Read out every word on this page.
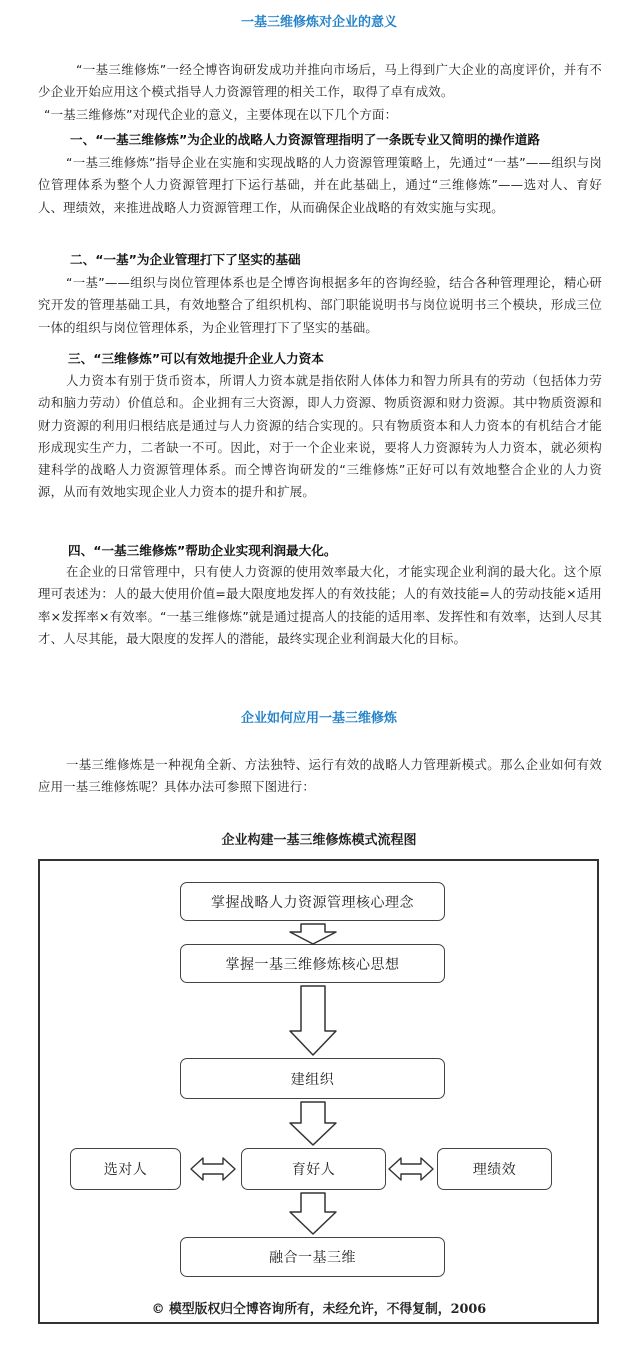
一基三维修炼对企业的意义
“一基三维修炼”一经仝博咨询研发成功并推向市场后，马上得到广大企业的高度评价，并有不少企业开始应用这个模式指导人力资源管理的相关工作，取得了卓有成效。
“一基三维修炼”对现代企业的意义，主要体现在以下几个方面：
一、“一基三维修炼”为企业的战略人力资源管理指明了一条既专业又简明的操作道路
“一基三维修炼”指导企业在实施和实现战略的人力资源管理策略上，先通过“一基”——组织与岗位管理体系为整个人力资源管理打下运行基础，并在此基础上，通过“三维修炼”——选对人、育好人、理绩效，来推进战略人力资源管理工作，从而确保企业战略的有效实施与实现。
二、“一基”为企业管理打下了坚实的基础
“一基”——组织与岗位管理体系也是仝博咨询根据多年的咨询经验，结合各种管理理论，精心研究开发的管理基础工具，有效地整合了组织机构、部门职能说明书与岗位说明书三个模块，形成三位一体的组织与岗位管理体系，为企业管理打下了坚实的基础。
三、“三维修炼”可以有效地提升企业人力资本
人力资本有别于货币资本，所谓人力资本就是指依附人体体力和智力所具有的劳动（包括体力劳动和脑力劳动）价值总和。企业拥有三大资源，即人力资源、物质资源和财力资源。其中物质资源和财力资源的利用归根结底是通过与人力资源的结合实现的。只有物质资本和人力资本的有机结合才能形成现实生产力，二者缺一不可。因此，对于一个企业来说，要将人力资源转为人力资本，就必须构建科学的战略人力资源管理体系。而仝博咨询研发的“三维修炼”正好可以有效地整合企业的人力资源，从而有效地实现企业人力资本的提升和扩展。
四、“一基三维修炼”帮助企业实现利润最大化。
在企业的日常管理中，只有使人力资源的使用效率最大化，才能实现企业利润的最大化。这个原理可表述为：人的最大使用价值=最大限度地发挥人的有效技能；人的有效技能=人的劳动技能×适用率×发挥率×有效率。“一基三维修炼”就是通过提高人的技能的适用率、发挥性和有效率，达到人尽其才、人尽其能，最大限度的发挥人的潜能，最终实现企业利润最大化的目标。
企业如何应用一基三维修炼
一基三维修炼是一种视角全新、方法独特、运行有效的战略人力管理新模式。那么企业如何有效应用一基三维修炼呢？具体办法可参照下图进行：
企业构建一基三维修炼模式流程图
掌握战略人力资源管理核心理念
掌握一基三维修炼核心思想
建组织
育好人
选对人	理绩效
融合一基三维
© 模型版权归仝博咨询所有，未经允许，不得复制，2006
